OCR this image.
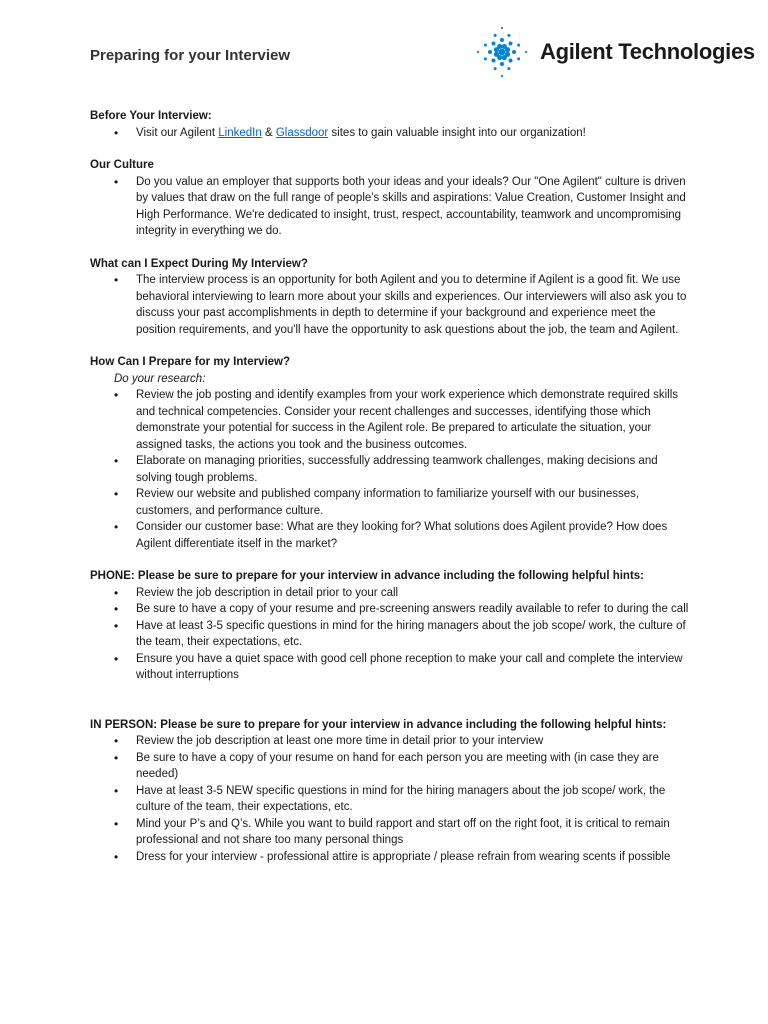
Preparing for your Interview	Agilent Technologies
Before Your Interview:
• Visit our Agilent LinkedIn & Glassdoor sites to gain valuable insight into our organization!
Our Culture
• Do you value an employer that supports both your ideas and your ideals? Our "One Agilent" culture is driven by values that draw on the full range of people's skills and aspirations: Value Creation, Customer Insight and High Performance. We're dedicated to insight, trust, respect, accountability, teamwork and uncompromising integrity in everything we do.
What can I Expect During My Interview?
• The interview process is an opportunity for both Agilent and you to determine if Agilent is a good fit. We use behavioral interviewing to learn more about your skills and experiences. Our interviewers will also ask you to discuss your past accomplishments in depth to determine if your background and experience meet the position requirements, and you'll have the opportunity to ask questions about the job, the team and Agilent.
How Can I Prepare for my Interview?
Do your research:
• Review the job posting and identify examples from your work experience which demonstrate required skills and technical competencies. Consider your recent challenges and successes, identifying those which demonstrate your potential for success in the Agilent role. Be prepared to articulate the situation, your assigned tasks, the actions you took and the business outcomes.
• Elaborate on managing priorities, successfully addressing teamwork challenges, making decisions and solving tough problems.
• Review our website and published company information to familiarize yourself with our businesses, customers, and performance culture.
• Consider our customer base: What are they looking for? What solutions does Agilent provide? How does Agilent differentiate itself in the market?
PHONE: Please be sure to prepare for your interview in advance including the following helpful hints:
• Review the job description in detail prior to your call
• Be sure to have a copy of your resume and pre-screening answers readily available to refer to during the call
• Have at least 3-5 specific questions in mind for the hiring managers about the job scope/ work, the culture of the team, their expectations, etc.
• Ensure you have a quiet space with good cell phone reception to make your call and complete the interview without interruptions
IN PERSON: Please be sure to prepare for your interview in advance including the following helpful hints:
• Review the job description at least one more time in detail prior to your interview
• Be sure to have a copy of your resume on hand for each person you are meeting with (in case they are needed)
• Have at least 3-5 NEW specific questions in mind for the hiring managers about the job scope/ work, the culture of the team, their expectations, etc.
• Mind your P’s and Q’s. While you want to build rapport and start off on the right foot, it is critical to remain professional and not share too many personal things
• Dress for your interview - professional attire is appropriate / please refrain from wearing scents if possible
